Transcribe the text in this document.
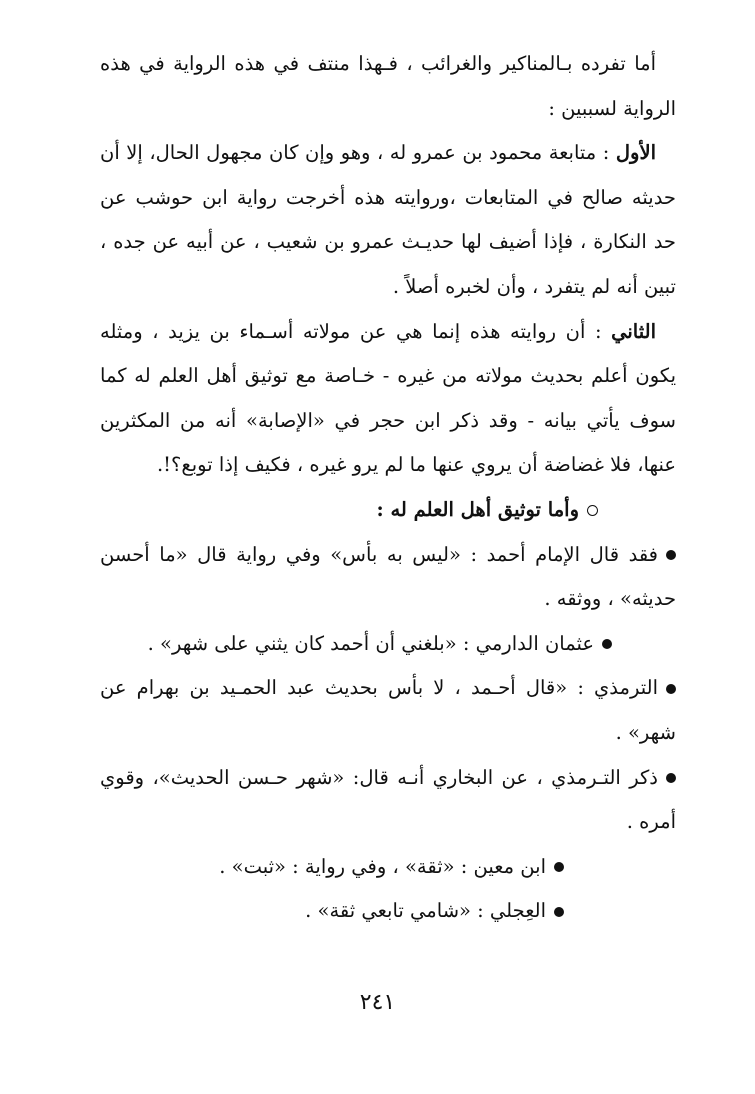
أما تفرده بـالمناكير والغرائب ، فـهذا منتف في هذه الرواية في هذه الرواية لسببين :

الأول : متابعة محمود بن عمرو له ، وهو وإن كان مجهول الحال، إلا أن حديثه صالح في المتابعات ،وروايته هذه أخرجت رواية ابن حوشب عن حد النكارة ، فإذا أضيف لها حديـث عمرو بن شعيب ، عن أبيه عن جده ، تبين أنه لم يتفرد ، وأن لخبره أصلاً .

الثاني : أن روايته هذه إنما هي عن مولاته أسـماء بن يزيد ، ومثله يكون أعلم بحديث مولاته من غيره - خـاصة مع توثيق أهل العلم له كما سوف يأتي بيانه - وقد ذكر ابن حجر في «الإصابة» أنه من المكثرين عنها، فلا غضاضة أن يروي عنها ما لم يرو غيره ، فكيف إذا توبع؟!.

وأما توثيق أهل العلم له :

فقد قال الإمام أحمد : «ليس به بأس» وفي رواية قال «ما أحسن حديثه» ، ووثقه .

عثمان الدارمي : «بلغني أن أحمد كان يثني على شهر» .

الترمذي : «قال أحـمد ، لا بأس بحديث عبد الحمـيد بن بهرام عن شهر» .

ذكر التـرمذي ، عن البخاري أنـه قال: «شهر حـسن الحديث»، وقوي أمره .

ابن معين : «ثقة» ، وفي رواية : «ثبت» .

العِجلي : «شامي تابعي ثقة» .

٢٤١
